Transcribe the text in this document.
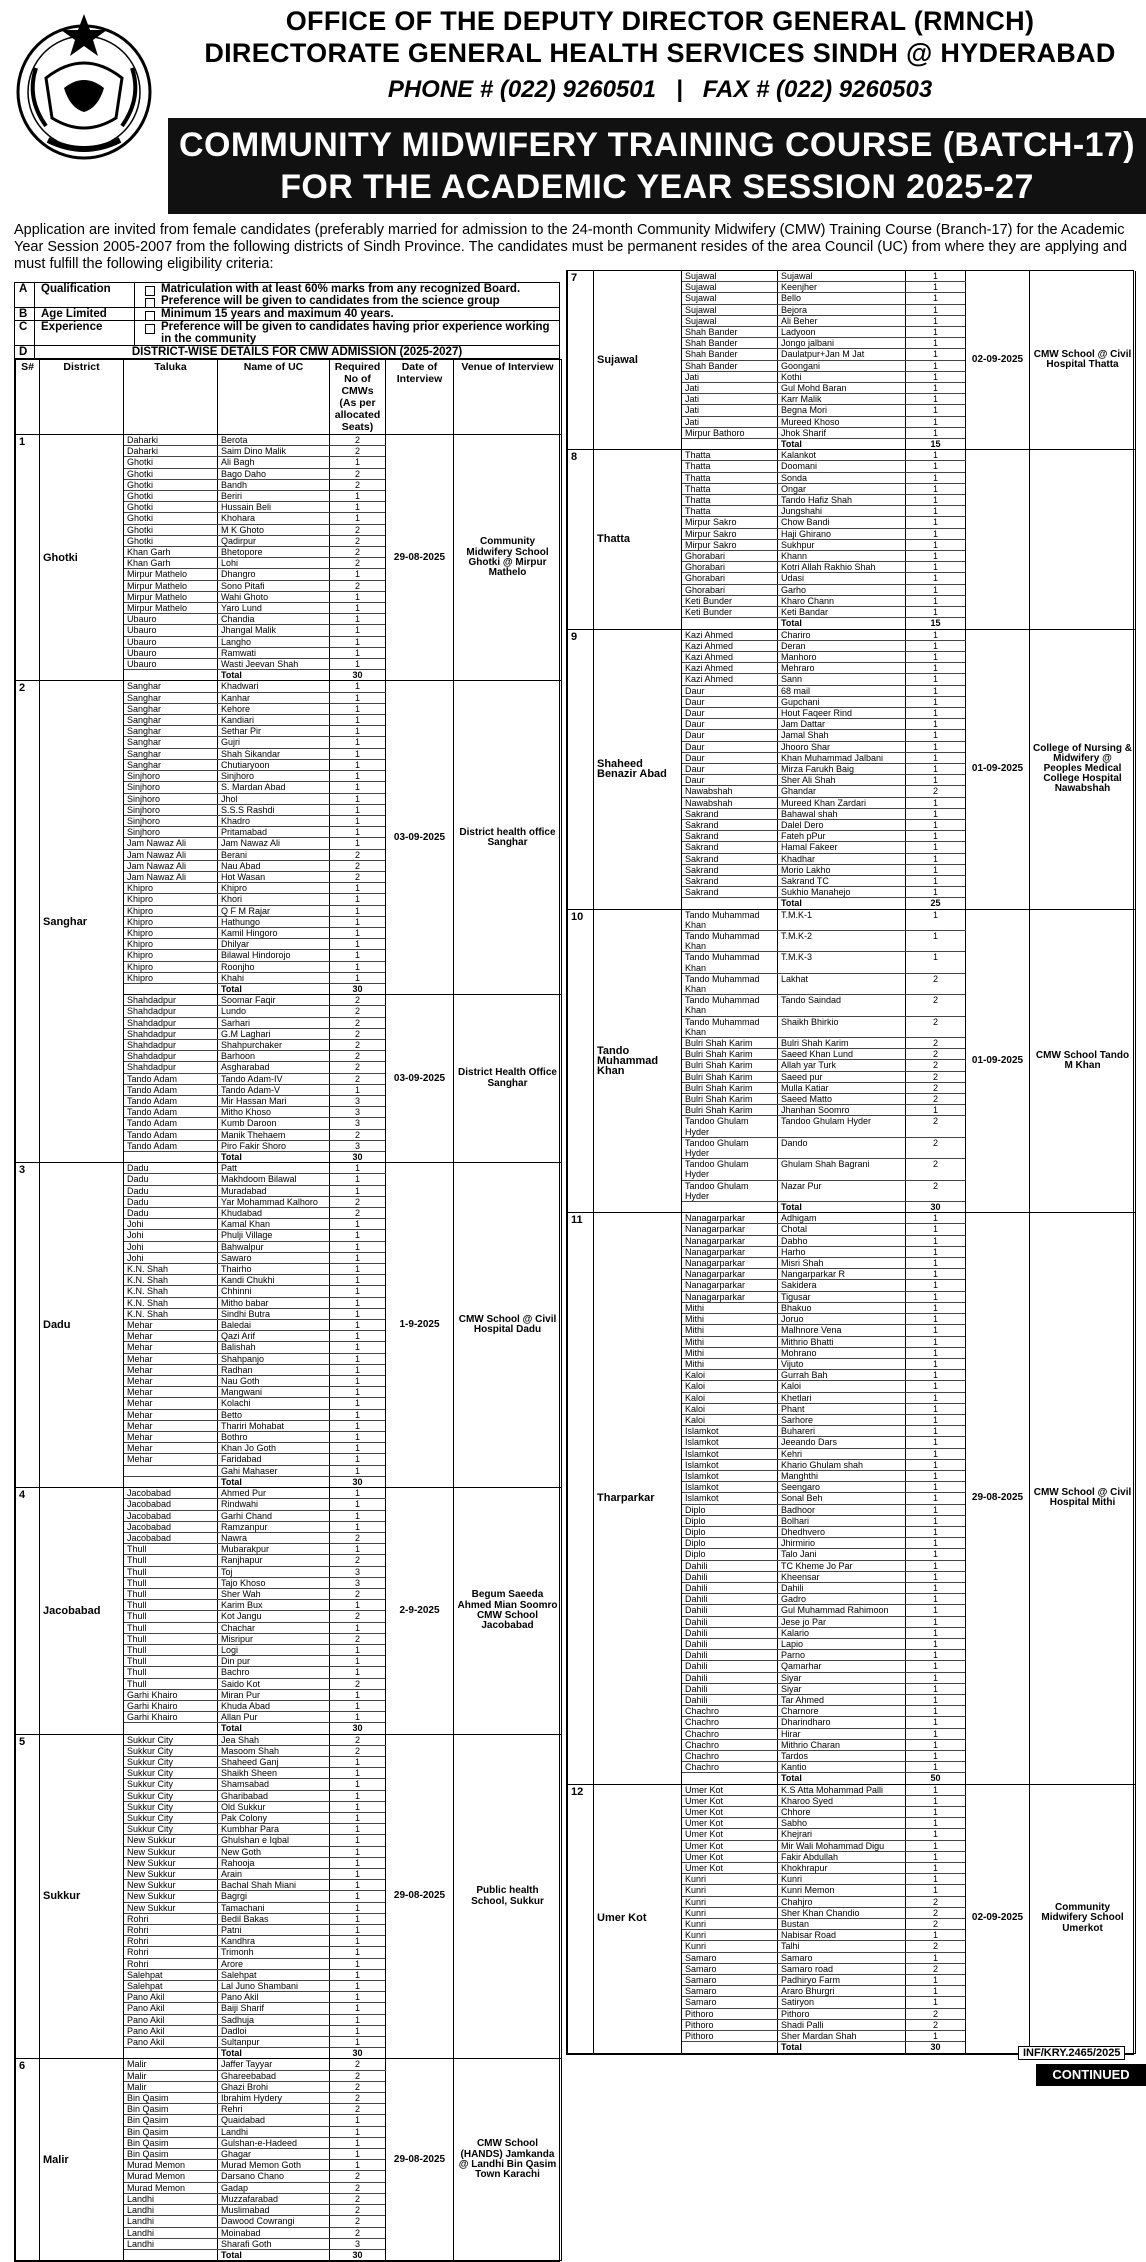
OFFICE OF THE DEPUTY DIRECTOR GENERAL (RMNCH)
DIRECTORATE GENERAL HEALTH SERVICES SINDH @ HYDERABAD
PHONE # (022) 9260501   |   FAX # (022) 9260503
COMMUNITY MIDWIFERY TRAINING COURSE (BATCH-17)
FOR THE ACADEMIC YEAR SESSION 2025-27
Application are invited from female candidates (preferably married for admission to the 24-month Community Midwifery (CMW) Training Course (Branch-17) for the Academic Year Session 2005-2007 from the following districts of Sindh Province. The candidates must be permanent resides of the area Council (UC) from where they are applying and must fulfill the following eligibility criteria:
A	Qualification	Matriculation with at least 60% marks from any recognized Board.
Preference will be given to candidates from the science group
B	Age Limited	Minimum 15 years and maximum 40 years.
C	Experience	Preference will be given to candidates having prior experience working in the community
D	DISTRICT-WISE DETAILS FOR CMW ADMISSION (2025-2027)
S#	District	Taluka	Name of UC	Required No of CMWs (As per allocated Seats)	Date of Interview	Venue of Interview
1	Ghotki	Daharki	Berota	2	29-08-2025	Community Midwifery School Ghotki @ Mirpur Mathelo
		Daharki	Saim Dino Malik	2		
		Ghotki	Ali Bagh	1		
		Ghotki	Bago Daho	2		
		Ghotki	Bandh	2		
		Ghotki	Beriri	1		
		Ghotki	Hussain Beli	1		
		Ghotki	Khohara	1		
		Ghotki	M K Ghoto	2		
		Ghotki	Qadirpur	2		
		Khan Garh	Bhetopore	2		
		Khan Garh	Lohi	2		
		Mirpur Mathelo	Dhangro	1		
		Mirpur Mathelo	Sono Pitafi	2		
		Mirpur Mathelo	Wahi Ghoto	1		
		Mirpur Mathelo	Yaro Lund	1		
		Ubauro	Chandia	1		
		Ubauro	Jhangal Malik	1		
		Ubauro	Langho	1		
		Ubauro	Ramwati	1		
		Ubauro	Wasti Jeevan Shah	1		
			Total	30		
2	Sanghar	Sanghar	Khadwari	1	03-09-2025	District health office Sanghar
		Sanghar	Kanhar	1		
		Sanghar	Kehore	1		
		Sanghar	Kandiari	1		
		Sanghar	Sethar Pir	1		
		Sanghar	Gujri	1		
		Sanghar	Shah Sikandar	1		
		Sanghar	Chutiaryoon	1		
		Sinjhoro	Sinjhoro	1		
		Sinjhoro	S. Mardan Abad	1		
		Sinjhoro	Jhol	1		
		Sinjhoro	S.S.S Rashdi	1		
		Sinjhoro	Khadro	1		
		Sinjhoro	Pritamabad	1		
		Jam Nawaz Ali	Jam Nawaz Ali	1		
		Jam Nawaz Ali	Berani	2		
		Jam Nawaz Ali	Nau Abad	2		
		Jam Nawaz Ali	Hot Wasan	2		
		Khipro	Khipro	1		
		Khipro	Khori	1		
		Khipro	Q F M Rajar	1		
		Khipro	Hathungo	1		
		Khipro	Kamil Hingoro	1		
		Khipro	Dhilyar	1		
		Khipro	Bilawal Hindorojo	1		
		Khipro	Roonjho	1		
		Khipro	Khahi	1		
			Total	30		
		Shahdadpur	Soomar Faqir	2	03-09-2025	District Health Office Sanghar
		Shahdadpur	Lundo	2		
		Shahdadpur	Sarhari	2		
		Shahdadpur	G.M Laghari	2		
		Shahdadpur	Shahpurchaker	2		
		Shahdadpur	Barhoon	2		
		Shahdadpur	Asgharabad	2		
		Tando Adam	Tando Adam-IV	2		
		Tando Adam	Tando Adam-V	1		
		Tando Adam	Mir Hassan Mari	3		
		Tando Adam	Mitho Khoso	3		
		Tando Adam	Kumb Daroon	3		
		Tando Adam	Manik Thehaem	2		
		Tando Adam	Piro Fakir Shoro	3		
			Total	30		
3	Dadu	Dadu	Patt	1	1-9-2025	CMW School @ Civil Hospital Dadu
		Dadu	Makhdoom Bilawal	1		
		Dadu	Muradabad	1		
		Dadu	Yar Mohammad Kalhoro	2		
		Dadu	Khudabad	2		
		Johi	Kamal Khan	1		
		Johi	Phulji Village	1		
		Johi	Bahwalpur	1		
		Johi	Sawaro	1		
		K.N. Shah	Thairho	1		
		K.N. Shah	Kandi Chukhi	1		
		K.N. Shah	Chhinni	1		
		K.N. Shah	Mitho babar	1		
		K.N. Shah	Sindhi Butra	1		
		Mehar	Baledai	1		
		Mehar	Qazi Arif	1		
		Mehar	Balishah	1		
		Mehar	Shahpanjo	1		
		Mehar	Radhan	1		
		Mehar	Nau Goth	1		
		Mehar	Mangwani	1		
		Mehar	Kolachi	1		
		Mehar	Betto	1		
		Mehar	Thariri Mohabat	1		
		Mehar	Bothro	1		
		Mehar	Khan Jo Goth	1		
		Mehar	Faridabad	1		
			Gahi Mahaser	1		
			Total	30		
4	Jacobabad	Jacobabad	Ahmed Pur	1	2-9-2025	Begum Saeeda Ahmed Mian Soomro CMW School Jacobabad
		Jacobabad	Rindwahi	1		
		Jacobabad	Garhi Chand	1		
		Jacobabad	Ramzanpur	1		
		Jacobabad	Nawra	2		
		Thull	Mubarakpur	1		
		Thull	Ranjhapur	2		
		Thull	Toj	3		
		Thull	Tajo Khoso	3		
		Thull	Sher Wah	2		
		Thull	Karim Bux	1		
		Thull	Kot Jangu	2		
		Thull	Chachar	1		
		Thull	Misripur	2		
		Thull	Logi	1		
		Thull	Din pur	1		
		Thull	Bachro	1		
		Thull	Saido Kot	2		
		Garhi Khairo	Miran Pur	1		
		Garhi Khairo	Khuda Abad	1		
		Garhi Khairo	Allan Pur	1		
			Total	30		
5	Sukkur	Sukkur City	Jea Shah	2	29-08-2025	Public health School, Sukkur
		Sukkur City	Masoom Shah	2		
		Sukkur City	Shaheed Ganj	1		
		Sukkur City	Shaikh Sheen	1		
		Sukkur City	Shamsabad	1		
		Sukkur City	Gharibabad	1		
		Sukkur City	Old Sukkur	1		
		Sukkur City	Pak Colony	1		
		Sukkur City	Kumbhar Para	1		
		New Sukkur	Ghulshan e Iqbal	1		
		New Sukkur	New Goth	1		
		New Sukkur	Rahooja	1		
		New Sukkur	Arain	1		
		New Sukkur	Bachal Shah Miani	1		
		New Sukkur	Bagrgi	1		
		New Sukkur	Tamachani	1		
		Rohri	Bedil Bakas	1		
		Rohri	Patni	1		
		Rohri	Kandhra	1		
		Rohri	Trimonh	1		
		Rohri	Arore	1		
		Salehpat	Salehpat	1		
		Salehpat	Lal Juno Shambani	1		
		Pano Akil	Pano Akil	1		
		Pano Akil	Baiji Sharif	1		
		Pano Akil	Sadhuja	1		
		Pano Akil	Dadloi	1		
		Pano Akil	Sultanpur	1		
			Total	30		
6	Malir	Malir	Jaffer Tayyar	2	29-08-2025	CMW School (HANDS) Jamkanda @ Landhi Bin Qasim Town Karachi
		Malir	Ghareebabad	2		
		Malir	Ghazi Brohi	2		
		Bin Qasim	Ibrahim Hydery	2		
		Bin Qasim	Rehri	2		
		Bin Qasim	Quaidabad	1		
		Bin Qasim	Landhi	1		
		Bin Qasim	Gulshan-e-Hadeed	1		
		Bin Qasim	Ghagar	1		
		Murad Memon	Murad Memon Goth	1		
		Murad Memon	Darsano Chano	2		
		Murad Memon	Gadap	2		
		Landhi	Muzzafarabad	2		
		Landhi	Muslimabad	2		
		Landhi	Dawood Cowrangi	2		
		Landhi	Moinabad	2		
		Landhi	Sharafi Goth	3		
			Total	30		
7	Sujawal	Sujawal	Sujawal	1	02-09-2025	CMW School @ Civil Hospital Thatta
		Sujawal	Keenjher	1		
		Sujawal	Bello	1		
		Sujawal	Bejora	1		
		Sujawal	Ali Beher	1		
		Shah Bander	Ladyoon	1		
		Shah Bander	Jongo jalbani	1		
		Shah Bander	Daulatpur+Jan M Jat	1		
		Shah Bander	Goongani	1		
		Jati	Kothi	1		
		Jati	Gul Mohd Baran	1		
		Jati	Karr Malik	1		
		Jati	Begna Mori	1		
		Jati	Mureed Khoso	1		
		Mirpur Bathoro	Jhok Sharif	1		
			Total	15		
8	Thatta	Thatta	Kalankot	1		
		Thatta	Doomani	1		
		Thatta	Sonda	1		
		Thatta	Ongar	1		
		Thatta	Tando Hafiz Shah	1		
		Thatta	Jungshahi	1		
		Mirpur Sakro	Chow Bandi	1		
		Mirpur Sakro	Haji Ghirano	1		
		Mirpur Sakro	Sukhpur	1		
		Ghorabari	Khann	1		
		Ghorabari	Kotri Allah Rakhio Shah	1		
		Ghorabari	Udasi	1		
		Ghorabari	Garho	1		
		Keti Bunder	Kharo Chann	1		
		Keti Bunder	Keti Bandar	1		
			Total	15		
9	Shaheed Benazir Abad	Kazi Ahmed	Chariro	1	01-09-2025	College of Nursing & Midwifery @ Peoples Medical College Hospital Nawabshah
		Kazi Ahmed	Deran	1		
		Kazi Ahmed	Manhoro	1		
		Kazi Ahmed	Mehraro	1		
		Kazi Ahmed	Sann	1		
		Daur	68 mail	1		
		Daur	Gupchani	1		
		Daur	Hout Faqeer Rind	1		
		Daur	Jam Dattar	1		
		Daur	Jamal Shah	1		
		Daur	Jhooro Shar	1		
		Daur	Khan Muhammad Jalbani	1		
		Daur	Mirza Farukh Baig	1		
		Daur	Sher Ali Shah	1		
		Nawabshah	Ghandar	2		
		Nawabshah	Mureed Khan Zardari	1		
		Sakrand	Bahawal shah	1		
		Sakrand	Dalel Dero	1		
		Sakrand	Fateh pPur	1		
		Sakrand	Hamal Fakeer	1		
		Sakrand	Khadhar	1		
		Sakrand	Morio Lakho	1		
		Sakrand	Sakrand TC	1		
		Sakrand	Sukhio Manahejo	1		
			Total	25		
10	Tando Muhammad Khan	Tando Muhammad Khan	T.M.K-1	1	01-09-2025	CMW School Tando M Khan
		Tando Muhammad Khan	T.M.K-2	1		
		Tando Muhammad Khan	T.M.K-3	1		
		Tando Muhammad Khan	Lakhat	2		
		Tando Muhammad Khan	Tando Saindad	2		
		Tando Muhammad Khan	Shaikh Bhirkio	2		
		Bulri Shah Karim	Bulri Shah Karim	2		
		Bulri Shah Karim	Saeed Khan Lund	2		
		Bulri Shah Karim	Allah yar Turk	2		
		Bulri Shah Karim	Saeed pur	2		
		Bulri Shah Karim	Mulla Katiar	2		
		Bulri Shah Karim	Saeed Matto	2		
		Bulri Shah Karim	Jhanhan Soomro	1		
		Tandoo Ghulam Hyder	Tandoo Ghulam Hyder	2		
		Tandoo Ghulam Hyder	Dando	2		
		Tandoo Ghulam Hyder	Ghulam Shah Bagrani	2		
		Tandoo Ghulam Hyder	Nazar Pur	2		
			Total	30		
11	Tharparkar	Nanagarparkar	Adhigam	1	29-08-2025	CMW School @ Civil Hospital Mithi
		Nanagarparkar	Chotal	1		
		Nanagarparkar	Dabho	1		
		Nanagarparkar	Harho	1		
		Nanagarparkar	Misri Shah	1		
		Nanagarparkar	Nangarparkar R	1		
		Nanagarparkar	Sakidera	1		
		Nanagarparkar	Tigusar	1		
		Mithi	Bhakuo	1		
		Mithi	Joruo	1		
		Mithi	Malhnore Vena	1		
		Mithi	Mithrio Bhatti	1		
		Mithi	Mohrano	1		
		Mithi	Vijuto	1		
		Kaloi	Gurrah Bah	1		
		Kaloi	Kaloi	1		
		Kaloi	Khetlari	1		
		Kaloi	Phant	1		
		Kaloi	Sarhore	1		
		Islamkot	Buhareri	1		
		Islamkot	Jeeando Dars	1		
		Islamkot	Kehri	1		
		Islamkot	Khario Ghulam shah	1		
		Islamkot	Manghthi	1		
		Islamkot	Seengaro	1		
		Islamkot	Sonal Beh	1		
		Diplo	Badhoor	1		
		Diplo	Bolhari	1		
		Diplo	Dhedhvero	1		
		Diplo	Jhirmirio	1		
		Diplo	Talo Jani	1		
		Dahili	TC Kheme Jo Par	1		
		Dahili	Kheensar	1		
		Dahili	Dahili	1		
		Dahili	Gadro	1		
		Dahili	Gul Muhammad Rahimoon	1		
		Dahili	Jese jo Par	1		
		Dahili	Kalario	1		
		Dahili	Lapio	1		
		Dahili	Parno	1		
		Dahili	Qamarhar	1		
		Dahili	Siyar	1		
		Dahili	Siyar	1		
		Dahili	Tar Ahmed	1		
		Chachro	Charnore	1		
		Chachro	Dharindharo	1		
		Chachro	Hirar	1		
		Chachro	Mithrio Charan	1		
		Chachro	Tardos	1		
		Chachro	Kantio	1		
			Total	50		
12	Umer Kot	Umer Kot	K.S Atta Mohammad Palli	1	02-09-2025	Community Midwifery School Umerkot
		Umer Kot	Kharoo Syed	1		
		Umer Kot	Chhore	1		
		Umer Kot	Sabho	1		
		Umer Kot	Khejrari	1		
		Umer Kot	Mir Wali Mohammad Digu	1		
		Umer Kot	Fakir Abdullah	1		
		Umer Kot	Khokhrapur	1		
		Kunri	Kunri	1		
		Kunri	Kunri Memon	1		
		Kunri	Chahjro	2		
		Kunri	Sher Khan Chandio	2		
		Kunri	Bustan	2		
		Kunri	Nabisar Road	1		
		Kunri	Talhi	2		
		Samaro	Samaro	1		
		Samaro	Samaro road	2		
		Samaro	Padhiryo Farm	1		
		Samaro	Araro Bhurgri	1		
		Samaro	Satiryon	1		
		Pithoro	Pithoro	2		
		Pithoro	Shadi Palli	2		
		Pithoro	Sher Mardan Shah	1		
			Total	30			INF/KRY.2465/2025
CONTINUED
